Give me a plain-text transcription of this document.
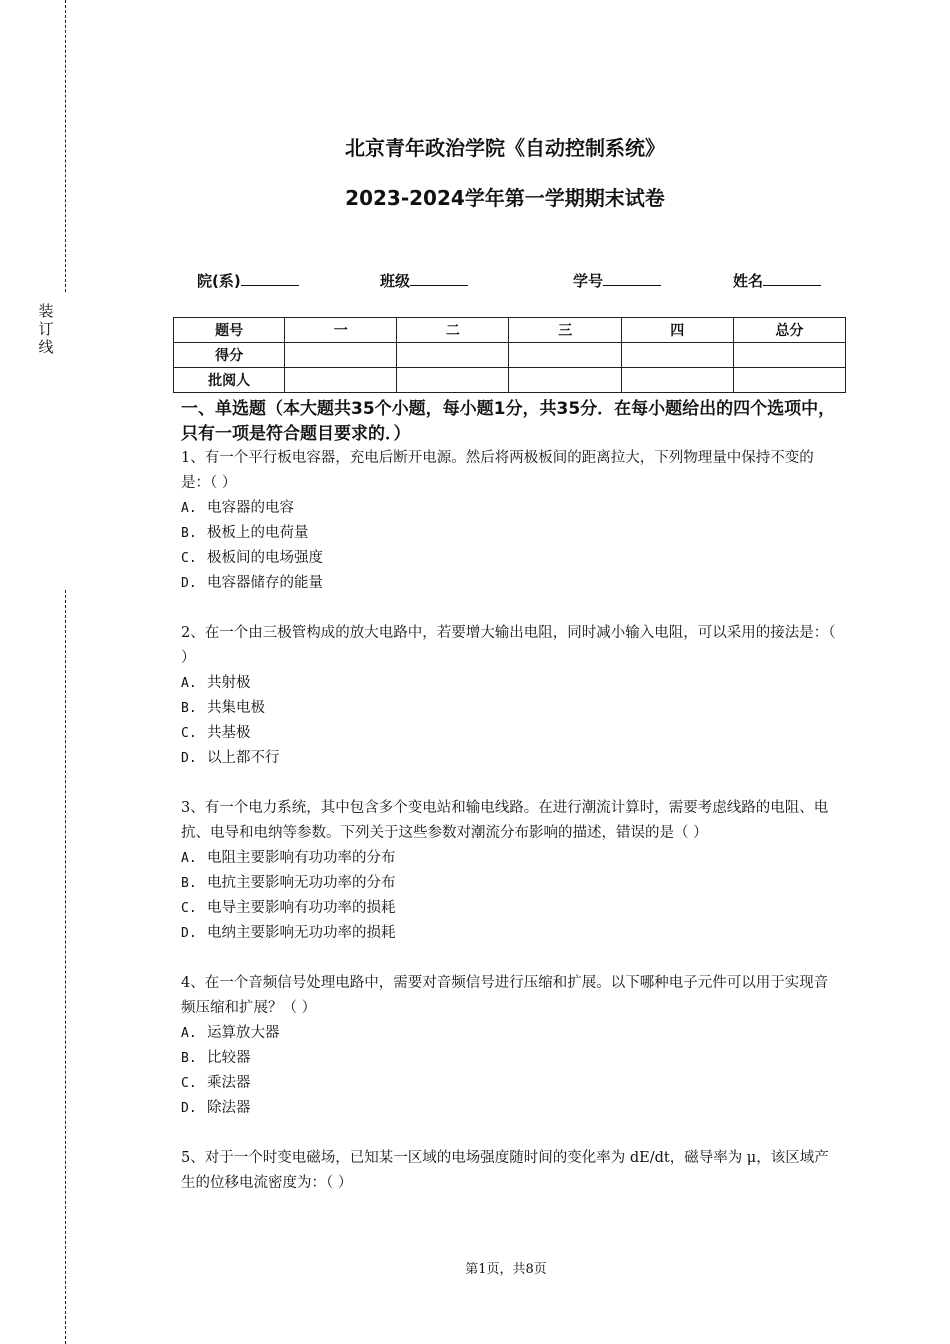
装
订
线
北京青年政治学院《自动控制系统》
2023-2024学年第一学期期末试卷
院(系)	班级	学号	姓名
题号	一	二	三	四	总分
得分					
批阅人					
一、单选题（本大题共35个小题，每小题1分，共35分．在每小题给出的四个选项中，只有一项是符合题目要求的．）

1、有一个平行板电容器，充电后断开电源。然后将两极板间的距离拉大，下列物理量中保持不变的是：（ ）

A. 电容器的电容

B. 极板上的电荷量

C. 极板间的电场强度

D. 电容器储存的能量

2、在一个由三极管构成的放大电路中，若要增大输出电阻，同时减小输入电阻，可以采用的接法是：（ ）

A. 共射极

B. 共集电极

C. 共基极

D. 以上都不行

3、有一个电力系统，其中包含多个变电站和输电线路。在进行潮流计算时，需要考虑线路的电阻、电抗、电导和电纳等参数。下列关于这些参数对潮流分布影响的描述，错误的是（ ）

A. 电阻主要影响有功功率的分布

B. 电抗主要影响无功功率的分布

C. 电导主要影响有功功率的损耗

D. 电纳主要影响无功功率的损耗

4、在一个音频信号处理电路中，需要对音频信号进行压缩和扩展。以下哪种电子元件可以用于实现音频压缩和扩展？（ ）

A. 运算放大器

B. 比较器

C. 乘法器

D. 除法器

5、对于一个时变电磁场，已知某一区域的电场强度随时间的变化率为 dE/dt，磁导率为 μ，该区域产生的位移电流密度为：（ ）

第1页，共8页
